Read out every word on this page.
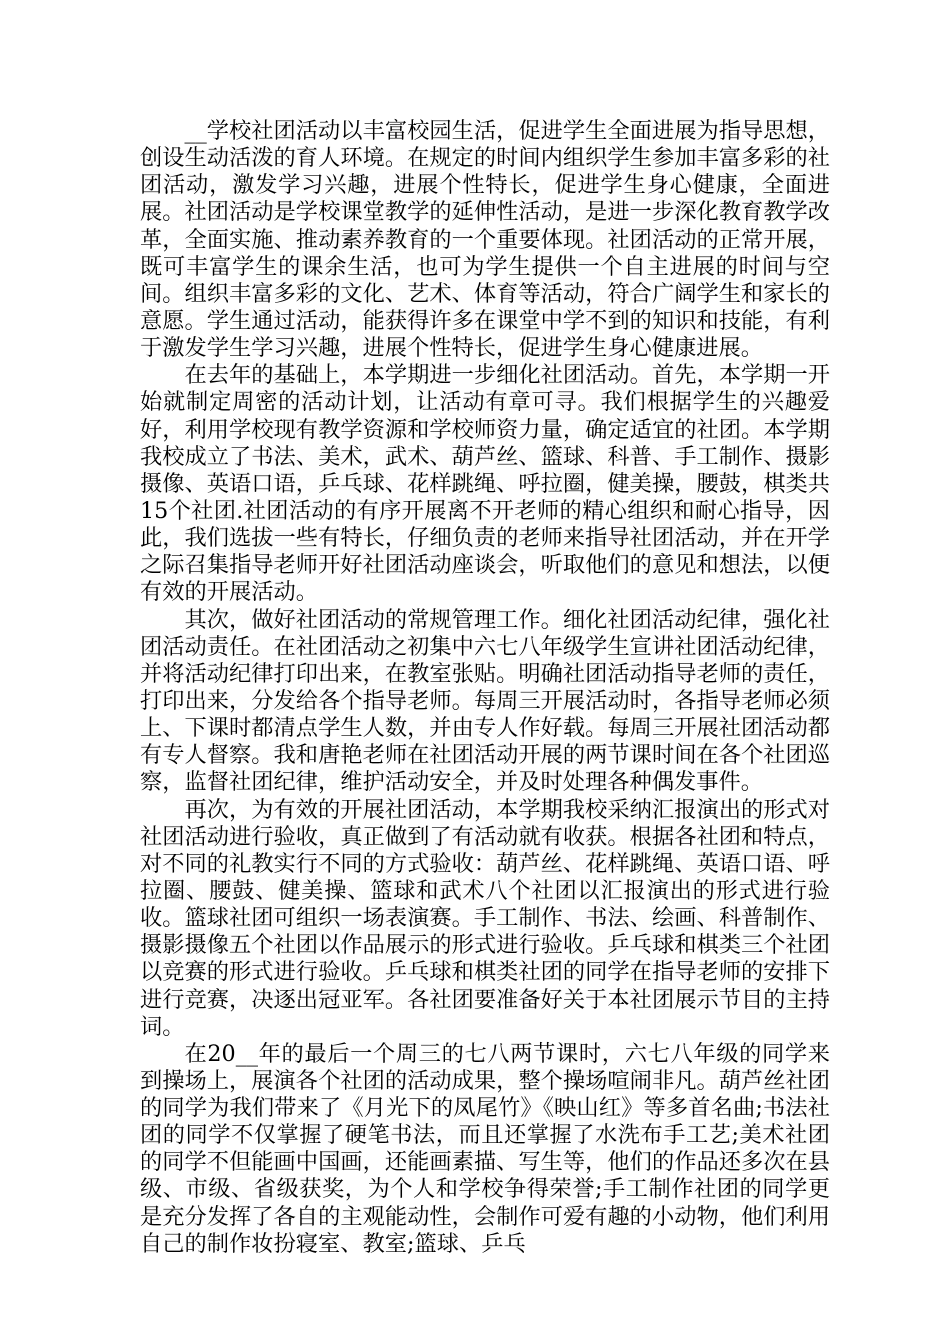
__学校社团活动以丰富校园生活，促进学生全面进展为指导思想，创设生动活泼的育人环境。在规定的时间内组织学生参加丰富多彩的社团活动，激发学习兴趣，进展个性特长，促进学生身心健康，全面进展。社团活动是学校课堂教学的延伸性活动，是进一步深化教育教学改革，全面实施、推动素养教育的一个重要体现。社团活动的正常开展，既可丰富学生的课余生活，也可为学生提供一个自主进展的时间与空间。组织丰富多彩的文化、艺术、体育等活动，符合广阔学生和家长的意愿。学生通过活动，能获得许多在课堂中学不到的知识和技能，有利于激发学生学习兴趣，进展个性特长，促进学生身心健康进展。

在去年的基础上，本学期进一步细化社团活动。首先，本学期一开始就制定周密的活动计划，让活动有章可寻。我们根据学生的兴趣爱好，利用学校现有教学资源和学校师资力量，确定适宜的社团。本学期我校成立了书法、美术，武术、葫芦丝、篮球、科普、手工制作、摄影摄像、英语口语，乒乓球、花样跳绳、呼拉圈，健美操，腰鼓，棋类共15个社团.社团活动的有序开展离不开老师的精心组织和耐心指导，因此，我们选拔一些有特长，仔细负责的老师来指导社团活动，并在开学之际召集指导老师开好社团活动座谈会，听取他们的意见和想法，以便有效的开展活动。

其次，做好社团活动的常规管理工作。细化社团活动纪律，强化社团活动责任。在社团活动之初集中六七八年级学生宣讲社团活动纪律，并将活动纪律打印出来，在教室张贴。明确社团活动指导老师的责任，打印出来，分发给各个指导老师。每周三开展活动时，各指导老师必须上、下课时都清点学生人数，并由专人作好载。每周三开展社团活动都有专人督察。我和唐艳老师在社团活动开展的两节课时间在各个社团巡察，监督社团纪律，维护活动安全，并及时处理各种偶发事件。

再次，为有效的开展社团活动，本学期我校采纳汇报演出的形式对社团活动进行验收，真正做到了有活动就有收获。根据各社团和特点，对不同的礼教实行不同的方式验收：葫芦丝、花样跳绳、英语口语、呼拉圈、腰鼓、健美操、篮球和武术八个社团以汇报演出的形式进行验收。篮球社团可组织一场表演赛。手工制作、书法、绘画、科普制作、摄影摄像五个社团以作品展示的形式进行验收。乒乓球和棋类三个社团以竞赛的形式进行验收。乒乓球和棋类社团的同学在指导老师的安排下进行竞赛，决逐出冠亚军。各社团要准备好关于本社团展示节目的主持词。

在20__年的最后一个周三的七八两节课时，六七八年级的同学来到操场上，展演各个社团的活动成果，整个操场喧闹非凡。葫芦丝社团的同学为我们带来了《月光下的凤尾竹》《映山红》等多首名曲;书法社团的同学不仅掌握了硬笔书法，而且还掌握了水洗布手工艺;美术社团的同学不但能画中国画，还能画素描、写生等，他们的作品还多次在县级、市级、省级获奖，为个人和学校争得荣誉;手工制作社团的同学更是充分发挥了各自的主观能动性，会制作可爱有趣的小动物，他们利用自己的制作妆扮寝室、教室;篮球、乒乓
